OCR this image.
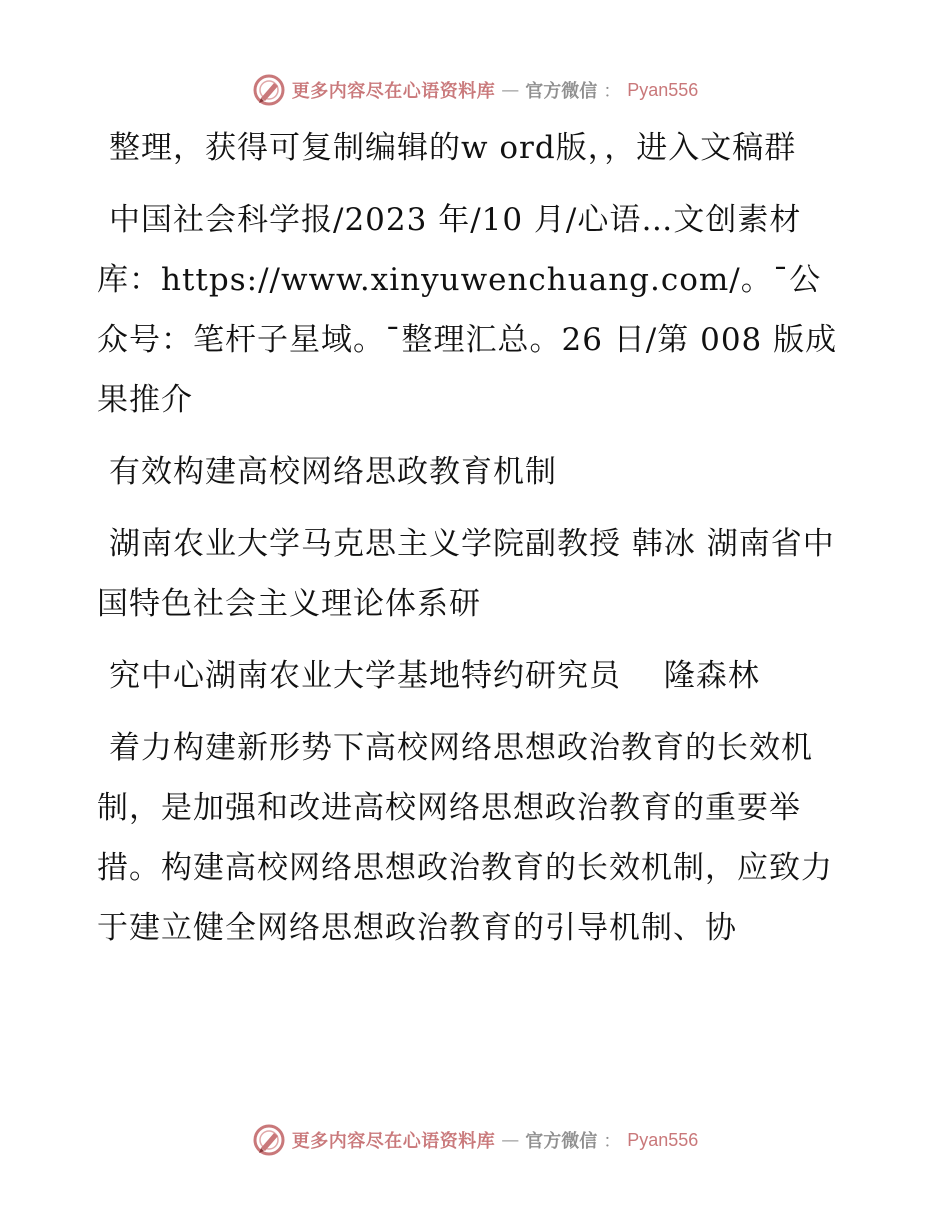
更多内容尽在心语资料库 — 官方微信 ： Pyan556

整理，获得可复制编辑的w ord版，，进入文稿群

中国社会科学报/2023 年/10 月/心语…文创素材库：https://www.xinyuwenchuang.com/。¯公众号：笔杆子星域。¯整理汇总。26 日/第 008 版成果推介

有效构建高校网络思政教育机制

湖南农业大学马克思主义学院副教授 韩冰 湖南省中国特色社会主义理论体系研

究中心湖南农业大学基地特约研究员　 隆森林

着力构建新形势下高校网络思想政治教育的长效机制，是加强和改进高校网络思想政治教育的重要举措。构建高校网络思想政治教育的长效机制，应致力于建立健全网络思想政治教育的引导机制、协

更多内容尽在心语资料库 — 官方微信 ： Pyan556
